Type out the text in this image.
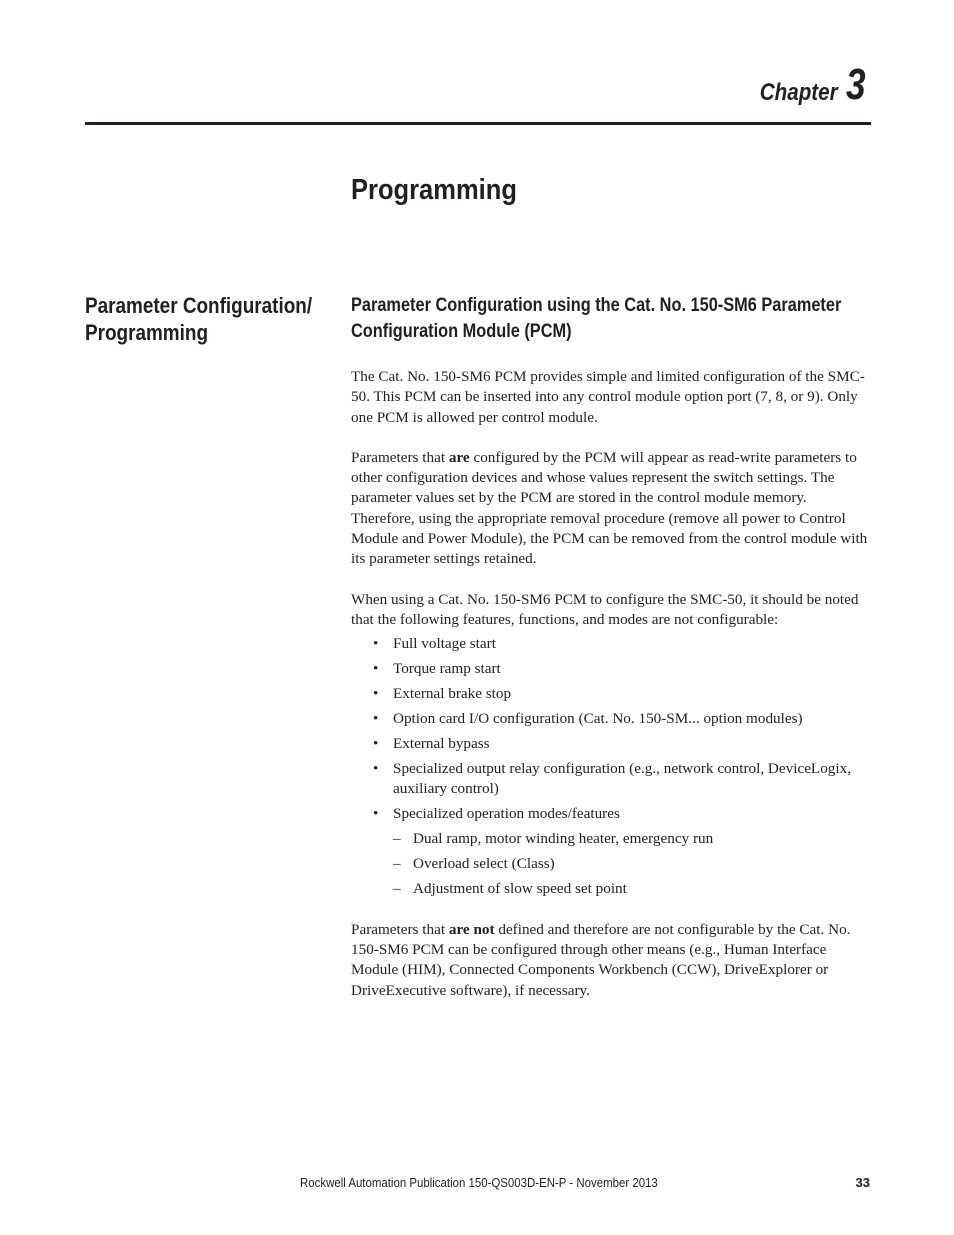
Chapter 3
Programming
Parameter Configuration/ Programming
Parameter Configuration using the Cat. No. 150-SM6 Parameter Configuration Module (PCM)

The Cat. No. 150-SM6 PCM provides simple and limited configuration of the SMC-50. This PCM can be inserted into any control module option port (7, 8, or 9). Only one PCM is allowed per control module.

Parameters that are configured by the PCM will appear as read-write parameters to other configuration devices and whose values represent the switch settings. The parameter values set by the PCM are stored in the control module memory. Therefore, using the appropriate removal procedure (remove all power to Control Module and Power Module), the PCM can be removed from the control module with its parameter settings retained.

When using a Cat. No. 150-SM6 PCM to configure the SMC-50, it should be noted that the following features, functions, and modes are not configurable:

• Full voltage start
• Torque ramp start
• External brake stop
• Option card I/O configuration (Cat. No. 150-SM... option modules)
• External bypass
• Specialized output relay configuration (e.g., network control, DeviceLogix, auxiliary control)
• Specialized operation modes/features
– Dual ramp, motor winding heater, emergency run
– Overload select (Class)
– Adjustment of slow speed set point

Parameters that are not defined and therefore are not configurable by the Cat. No. 150-SM6 PCM can be configured through other means (e.g., Human Interface Module (HIM), Connected Components Workbench (CCW), DriveExplorer or DriveExecutive software), if necessary.

Rockwell Automation Publication 150-QS003D-EN-P - November 2013	33
